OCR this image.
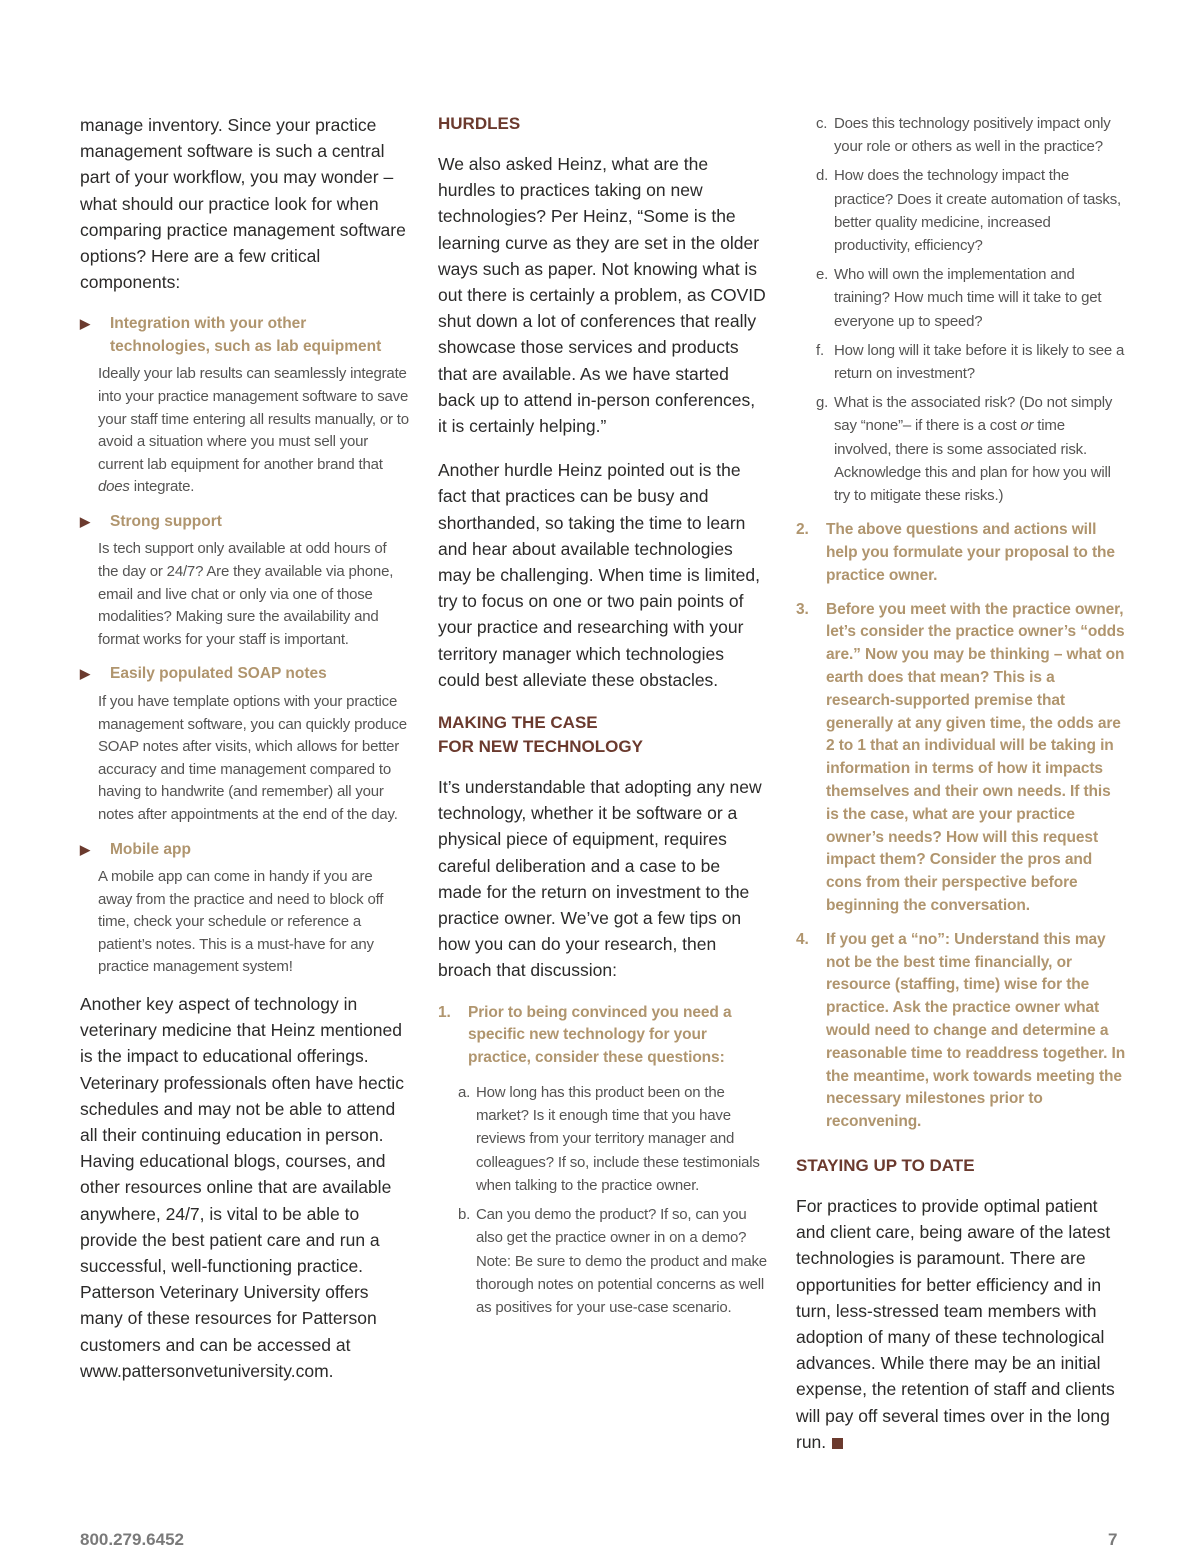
manage inventory. Since your practice management software is such a central part of your workflow, you may wonder – what should our practice look for when comparing practice management software options? Here are a few critical components:

▶ Integration with your other technologies, such as lab equipment

Ideally your lab results can seamlessly integrate into your practice management software to save your staff time entering all results manually, or to avoid a situation where you must sell your current lab equipment for another brand that does integrate.

▶ Strong support

Is tech support only available at odd hours of the day or 24/7? Are they available via phone, email and live chat or only via one of those modalities? Making sure the availability and format works for your staff is important.

▶ Easily populated SOAP notes

If you have template options with your practice management software, you can quickly produce SOAP notes after visits, which allows for better accuracy and time management compared to having to handwrite (and remember) all your notes after appointments at the end of the day.

▶ Mobile app

A mobile app can come in handy if you are away from the practice and need to block off time, check your schedule or reference a patient’s notes. This is a must-have for any practice management system!

Another key aspect of technology in veterinary medicine that Heinz mentioned is the impact to educational offerings. Veterinary professionals often have hectic schedules and may not be able to attend all their continuing education in person. Having educational blogs, courses, and other resources online that are available anywhere, 24/7, is vital to be able to provide the best patient care and run a successful, well-functioning practice. Patterson Veterinary University offers many of these resources for Patterson customers and can be accessed at www.pattersonvetuniversity.com.

HURDLES

We also asked Heinz, what are the hurdles to practices taking on new technologies? Per Heinz, “Some is the learning curve as they are set in the older ways such as paper. Not knowing what is out there is certainly a problem, as COVID shut down a lot of conferences that really showcase those services and products that are available. As we have started back up to attend in-person conferences, it is certainly helping.”

Another hurdle Heinz pointed out is the fact that practices can be busy and shorthanded, so taking the time to learn and hear about available technologies may be challenging. When time is limited, try to focus on one or two pain points of your practice and researching with your territory manager which technologies could best alleviate these obstacles.

MAKING THE CASE
FOR NEW TECHNOLOGY

It’s understandable that adopting any new technology, whether it be software or a physical piece of equipment, requires careful deliberation and a case to be made for the return on investment to the practice owner. We’ve got a few tips on how you can do your research, then broach that discussion:

1. Prior to being convinced you need a specific new technology for your practice, consider these questions:
a. How long has this product been on the market? Is it enough time that you have reviews from your territory manager and colleagues? If so, include these testimonials when talking to the practice owner.
b. Can you demo the product? If so, can you also get the practice owner in on a demo? Note: Be sure to demo the product and make thorough notes on potential concerns as well as positives for your use-case scenario.
c. Does this technology positively impact only your role or others as well in the practice?
d. How does the technology impact the practice? Does it create automation of tasks, better quality medicine, increased productivity, efficiency?
e. Who will own the implementation and training? How much time will it take to get everyone up to speed?
f. How long will it take before it is likely to see a return on investment?
g. What is the associated risk? (Do not simply say “none”– if there is a cost or time involved, there is some associated risk. Acknowledge this and plan for how you will try to mitigate these risks.)
2. The above questions and actions will help you formulate your proposal to the practice owner.
3. Before you meet with the practice owner, let’s consider the practice owner’s “odds are.” Now you may be thinking – what on earth does that mean? This is a research-supported premise that generally at any given time, the odds are 2 to 1 that an individual will be taking in information in terms of how it impacts themselves and their own needs. If this is the case, what are your practice owner’s needs? How will this request impact them? Consider the pros and cons from their perspective before beginning the conversation.
4. If you get a “no”: Understand this may not be the best time financially, or resource (staffing, time) wise for the practice. Ask the practice owner what would need to change and determine a reasonable time to readdress together. In the meantime, work towards meeting the necessary milestones prior to reconvening.
STAYING UP TO DATE

For practices to provide optimal patient and client care, being aware of the latest technologies is paramount. There are opportunities for better efficiency and in turn, less-stressed team members with adoption of many of these technological advances. While there may be an initial expense, the retention of staff and clients will pay off several times over in the long run.

800.279.6452	7
